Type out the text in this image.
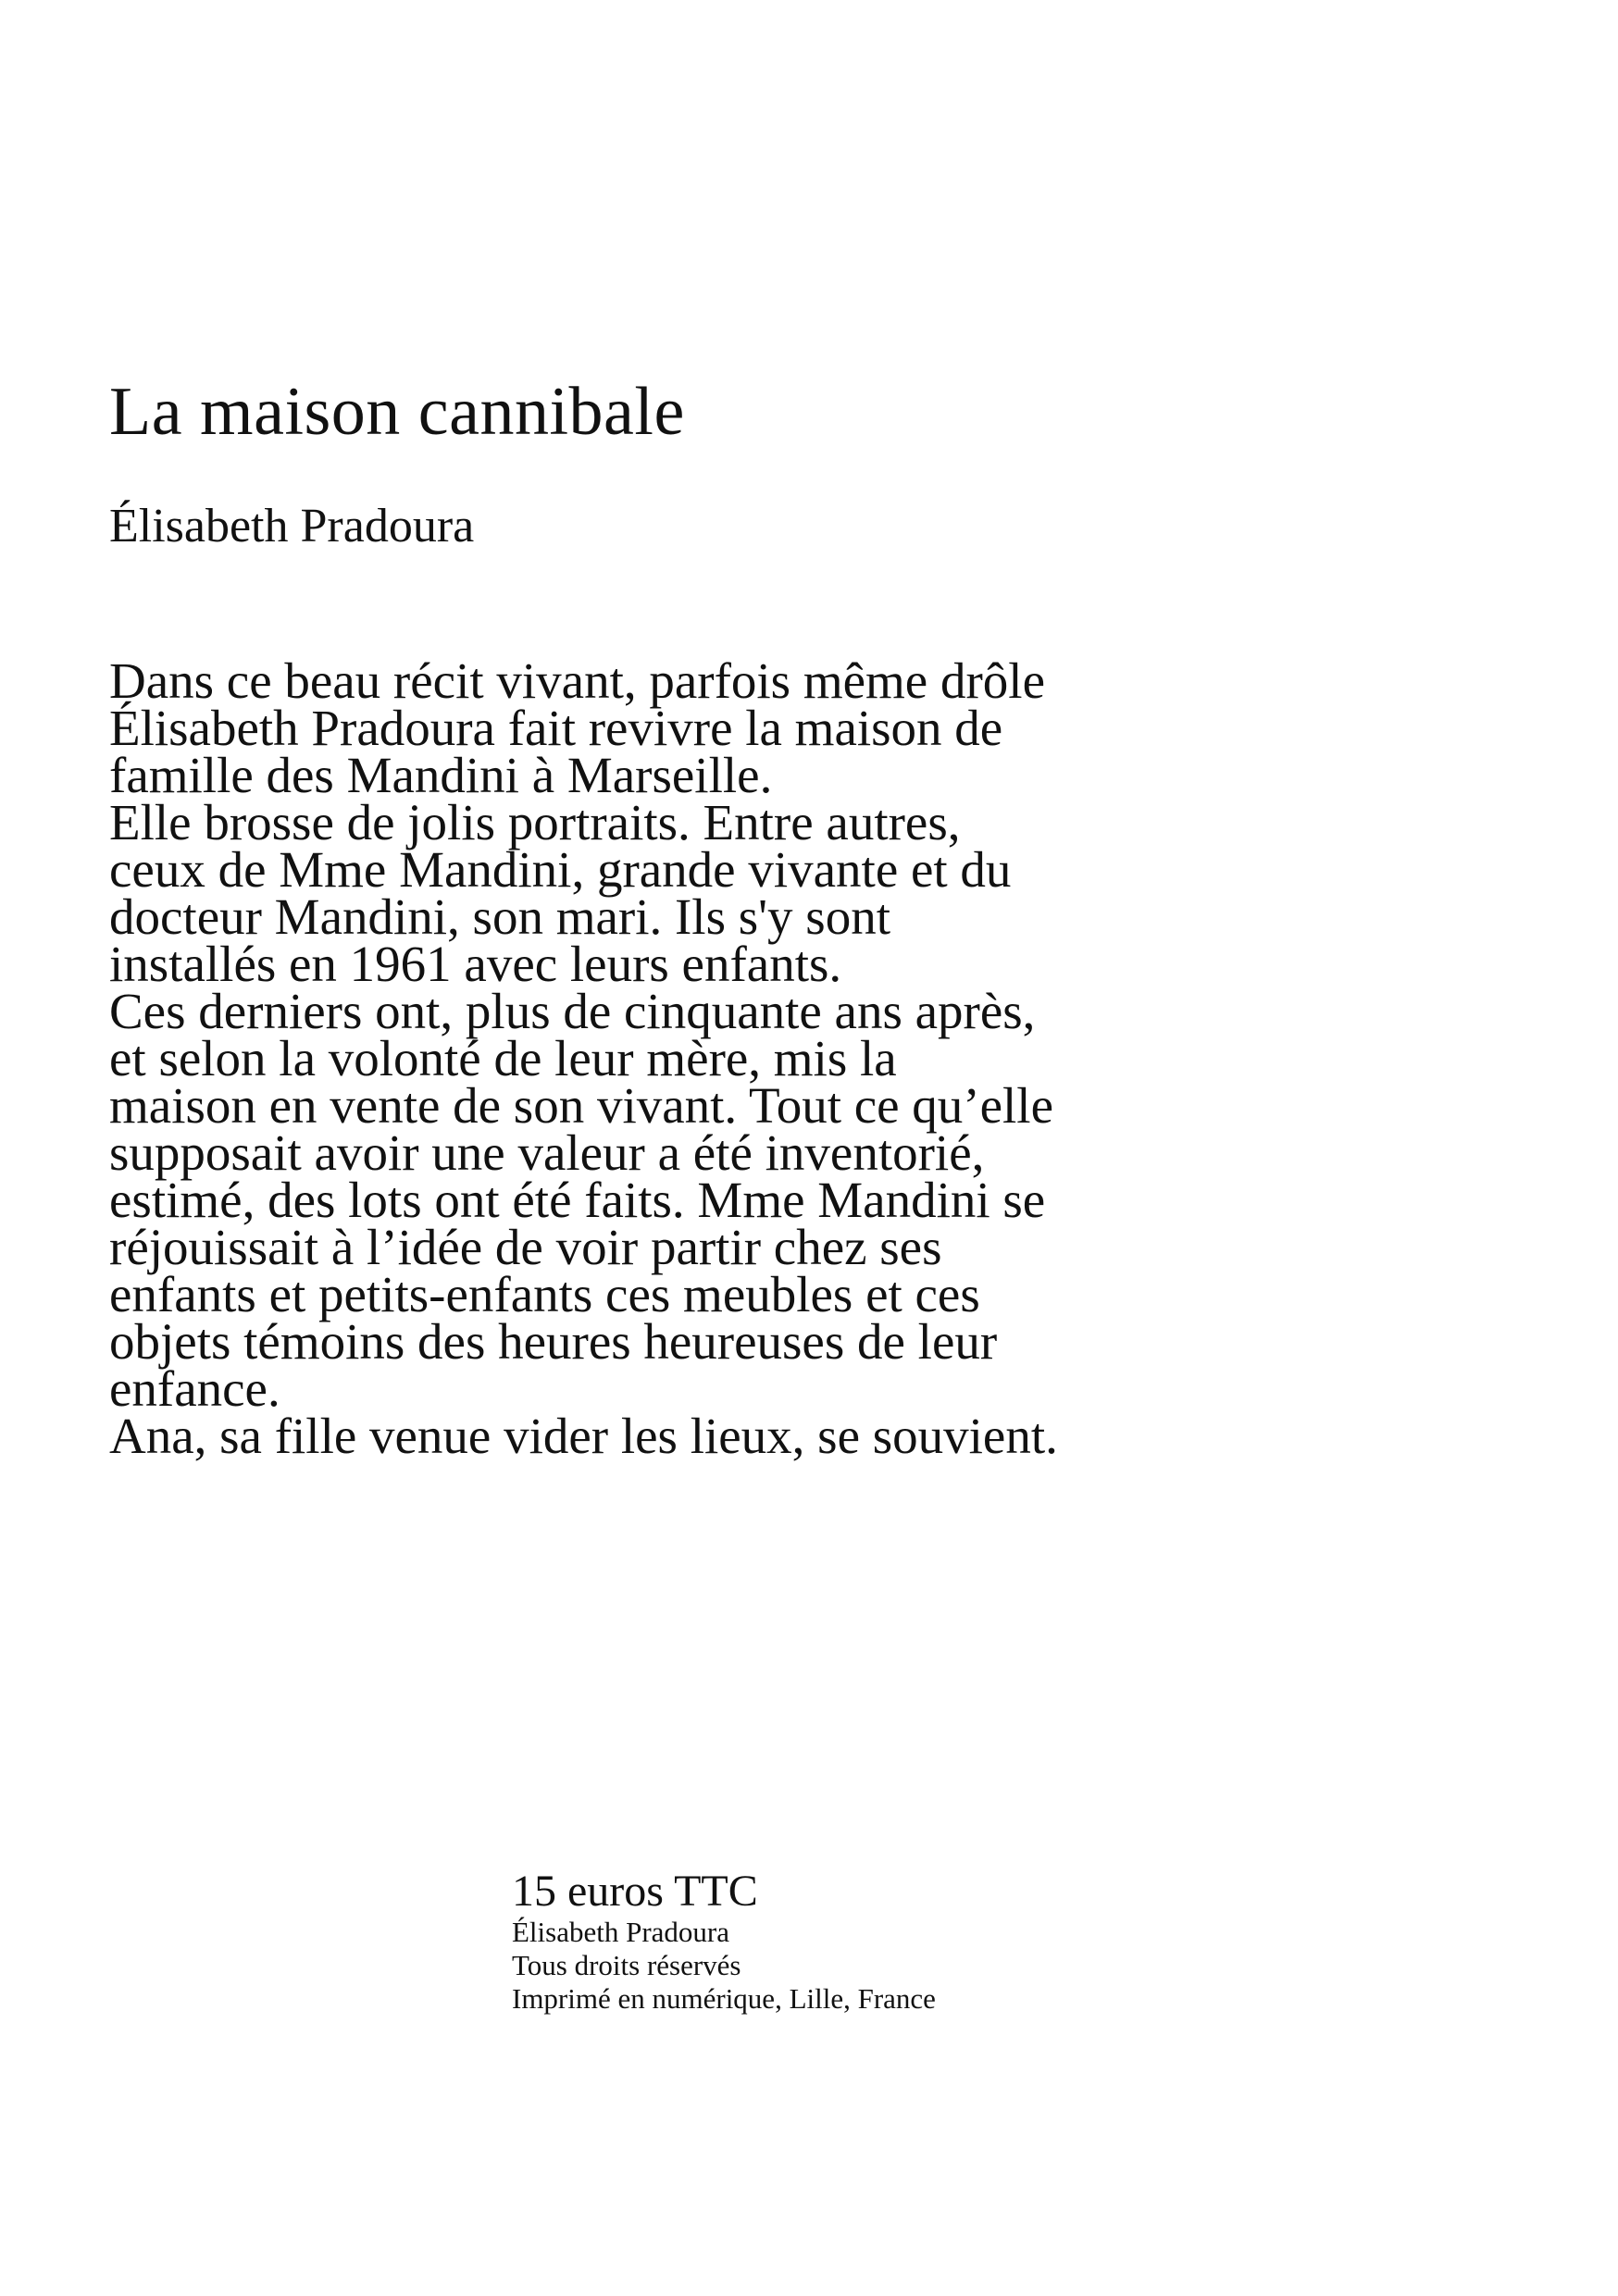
La maison cannibale
Élisabeth Pradoura
Dans ce beau récit vivant, parfois même drôle
Élisabeth Pradoura fait revivre la maison de
famille des Mandini à Marseille.
Elle brosse de jolis portraits. Entre autres,
ceux de Mme Mandini, grande vivante et du
docteur Mandini, son mari. Ils s'y sont
installés en 1961 avec leurs enfants.
Ces derniers ont, plus de cinquante ans après,
et selon la volonté de leur mère, mis la
maison en vente de son vivant. Tout ce qu’elle
supposait avoir une valeur a été inventorié,
estimé, des lots ont été faits. Mme Mandini se
réjouissait à l’idée de voir partir chez ses
enfants et petits-enfants ces meubles et ces
objets témoins des heures heureuses de leur
enfance.
Ana, sa fille venue vider les lieux, se souvient.
15 euros TTC
Élisabeth Pradoura
Tous droits réservés
Imprimé en numérique, Lille, France
